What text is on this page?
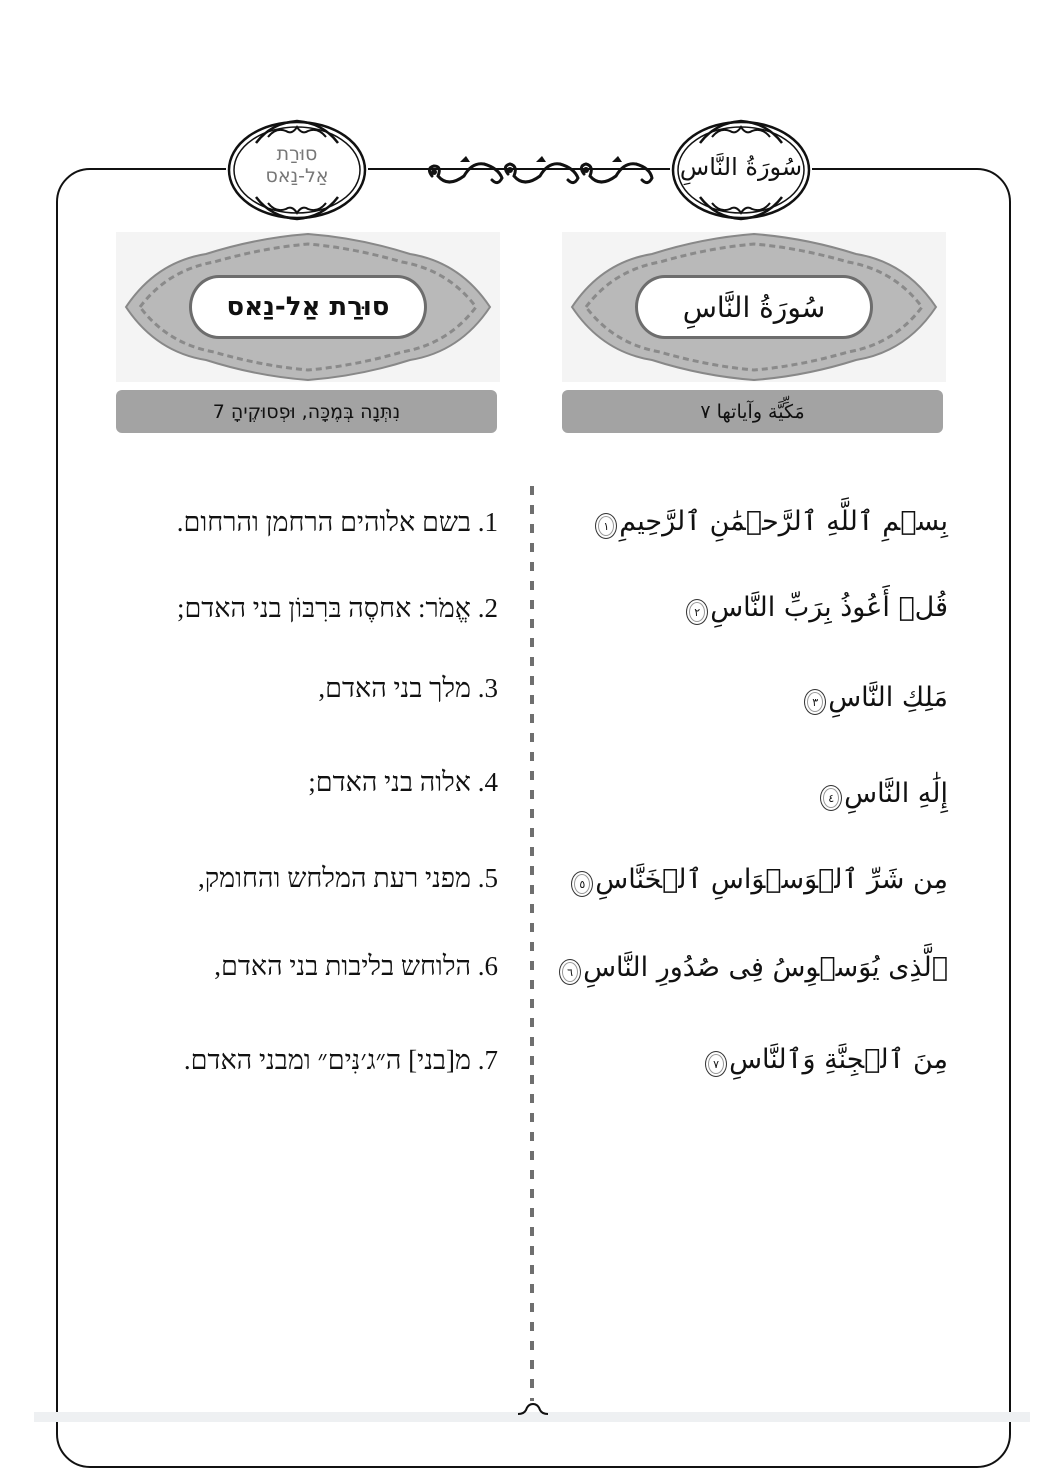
סוּרַת
אַל-נַאס	سُورَةُ النَّاسِ
סוּרַת אַל-נַאס	سُورَةُ النَّاسِ
נִתְּנָה בְּמֶכָּה, וּפְסוּקֶיהָ 7	مَكِّيَّة وآياتها ٧
1. בשם אלוהים הרחמן והרחום.
2. אֱמֹר: אחסֶה בּרִבּוֹן בני האדם;
3. מלך בני האדם,
4. אלוה בני האדם;
5. מפני רעת המלחש והחומק,
6. הלוחש בליבות בני האדם,
7. מ[בני] ה״ג׳נִּים״ ומבני האדם.
بِسۡمِ ٱللَّهِ ٱلرَّحۡمَٰنِ ٱلرَّحِيمِ
١
قُلۡ أَعُوذُ بِرَبِّ النَّاسِ
٢
مَلِكِ النَّاسِ
٣
إِلَٰهِ النَّاسِ
٤
مِن شَرِّ ٱلۡوَسۡوَاسِ ٱلۡخَنَّاسِ
٥
ٱلَّذِى يُوَسۡوِسُ فِى صُدُورِ النَّاسِ
٦
مِنَ ٱلۡجِنَّةِ وَٱلنَّاسِ
٧
